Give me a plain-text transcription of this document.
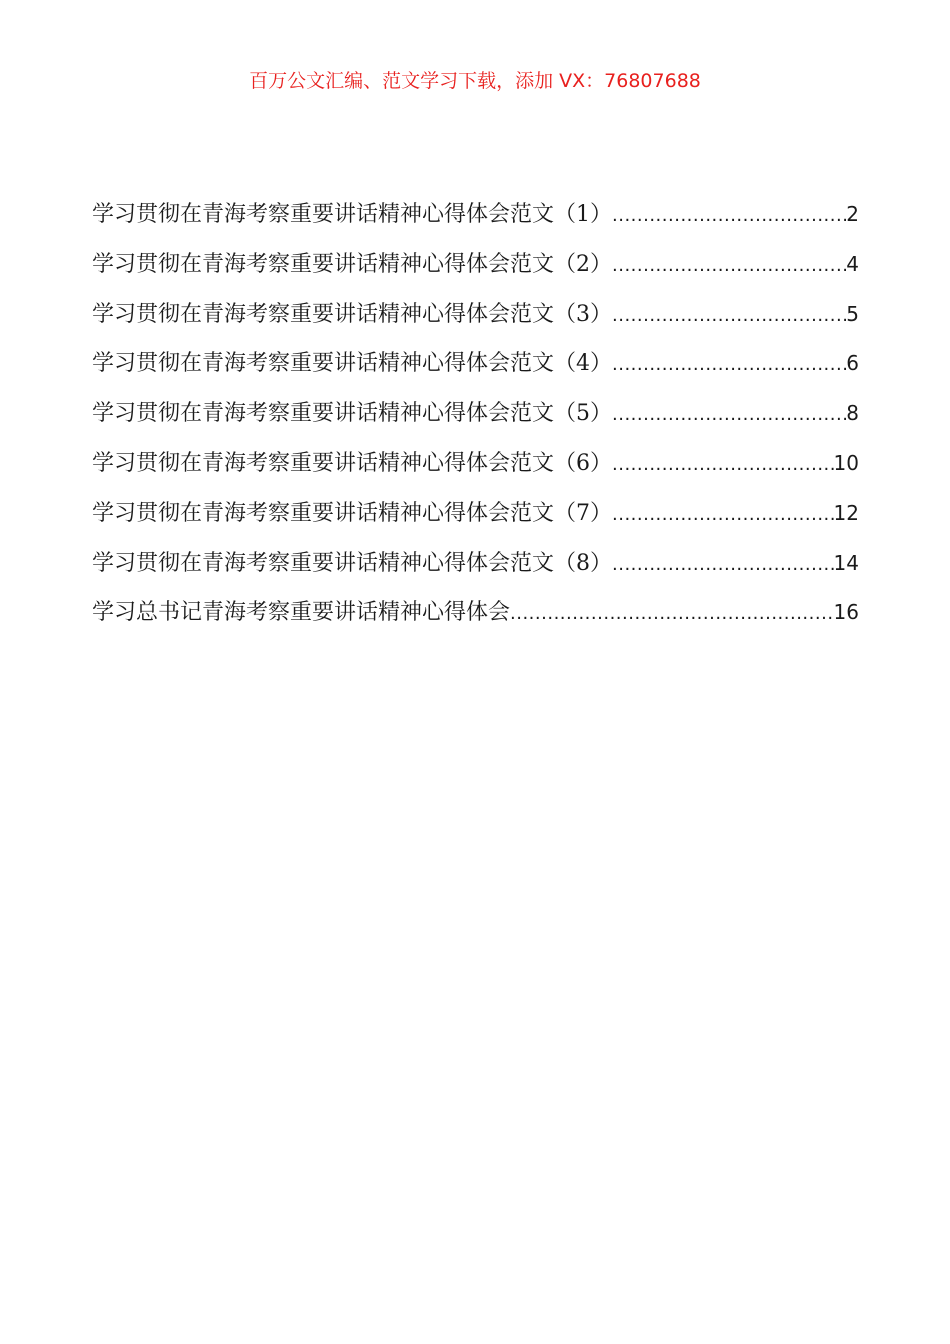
百万公文汇编、范文学习下载，添加 VX：76807688
学习贯彻在青海考察重要讲话精神心得体会范文（1） .....	2
学习贯彻在青海考察重要讲话精神心得体会范文（2） .....	4
学习贯彻在青海考察重要讲话精神心得体会范文（3） .....	5
学习贯彻在青海考察重要讲话精神心得体会范文（4） .....	6
学习贯彻在青海考察重要讲话精神心得体会范文（5） .....	8
学习贯彻在青海考察重要讲话精神心得体会范文（6） .....	10
学习贯彻在青海考察重要讲话精神心得体会范文（7） .....	12
学习贯彻在青海考察重要讲话精神心得体会范文（8） .....	14
学习总书记青海考察重要讲话精神心得体会 .....	16
